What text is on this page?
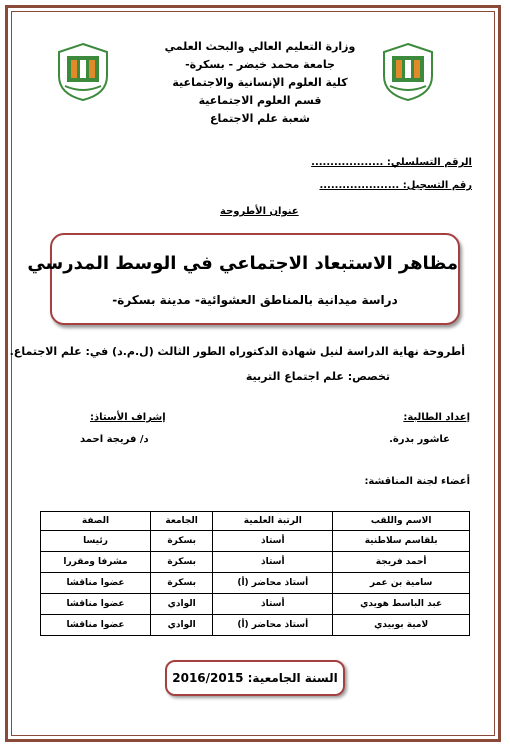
وزارة التعليم العالي والبحث العلمي
جامعة محمد خيضر - بسكرة-
كلية العلوم الإنسانية والاجتماعية
قسم العلوم الاجتماعية
شعبة علم الاجتماع
الرقم التسلسلي: ...................
رقم التسجيل: .....................
عنوان الأطروحة
مظاهر الاستبعاد الاجتماعي في الوسط المدرسي
دراسة ميدانية بالمناطق العشوائية- مدينة بسكرة-
أطروحة نهاية الدراسة لنيل شهادة الدكتوراه الطور الثالث (ل.م.د) في: علم الاجتماع.
تخصص: علم اجتماع التربية
إعداد الطالبة:
عاشور بدرة.
إشراف الأستاذ:
د/ فريجة احمد
أعضاء لجنة المناقشة:
الاسم واللقب	الرتبة العلمية	الجامعة	الصفة
بلقاسم سلاطنية	أستاذ	بسكرة	رئيسا
أحمد فريجة	أستاذ	بسكرة	مشرفا ومقررا
سامية بن عمر	أستاذ محاضر (أ)	بسكرة	عضوا مناقشا
عبد الباسط هويدي	أستاذ	الوادي	عضوا مناقشا
لامية بوبيدي	أستاذ محاضر (أ)	الوادي	عضوا مناقشا
السنة الجامعية: 2016/2015
